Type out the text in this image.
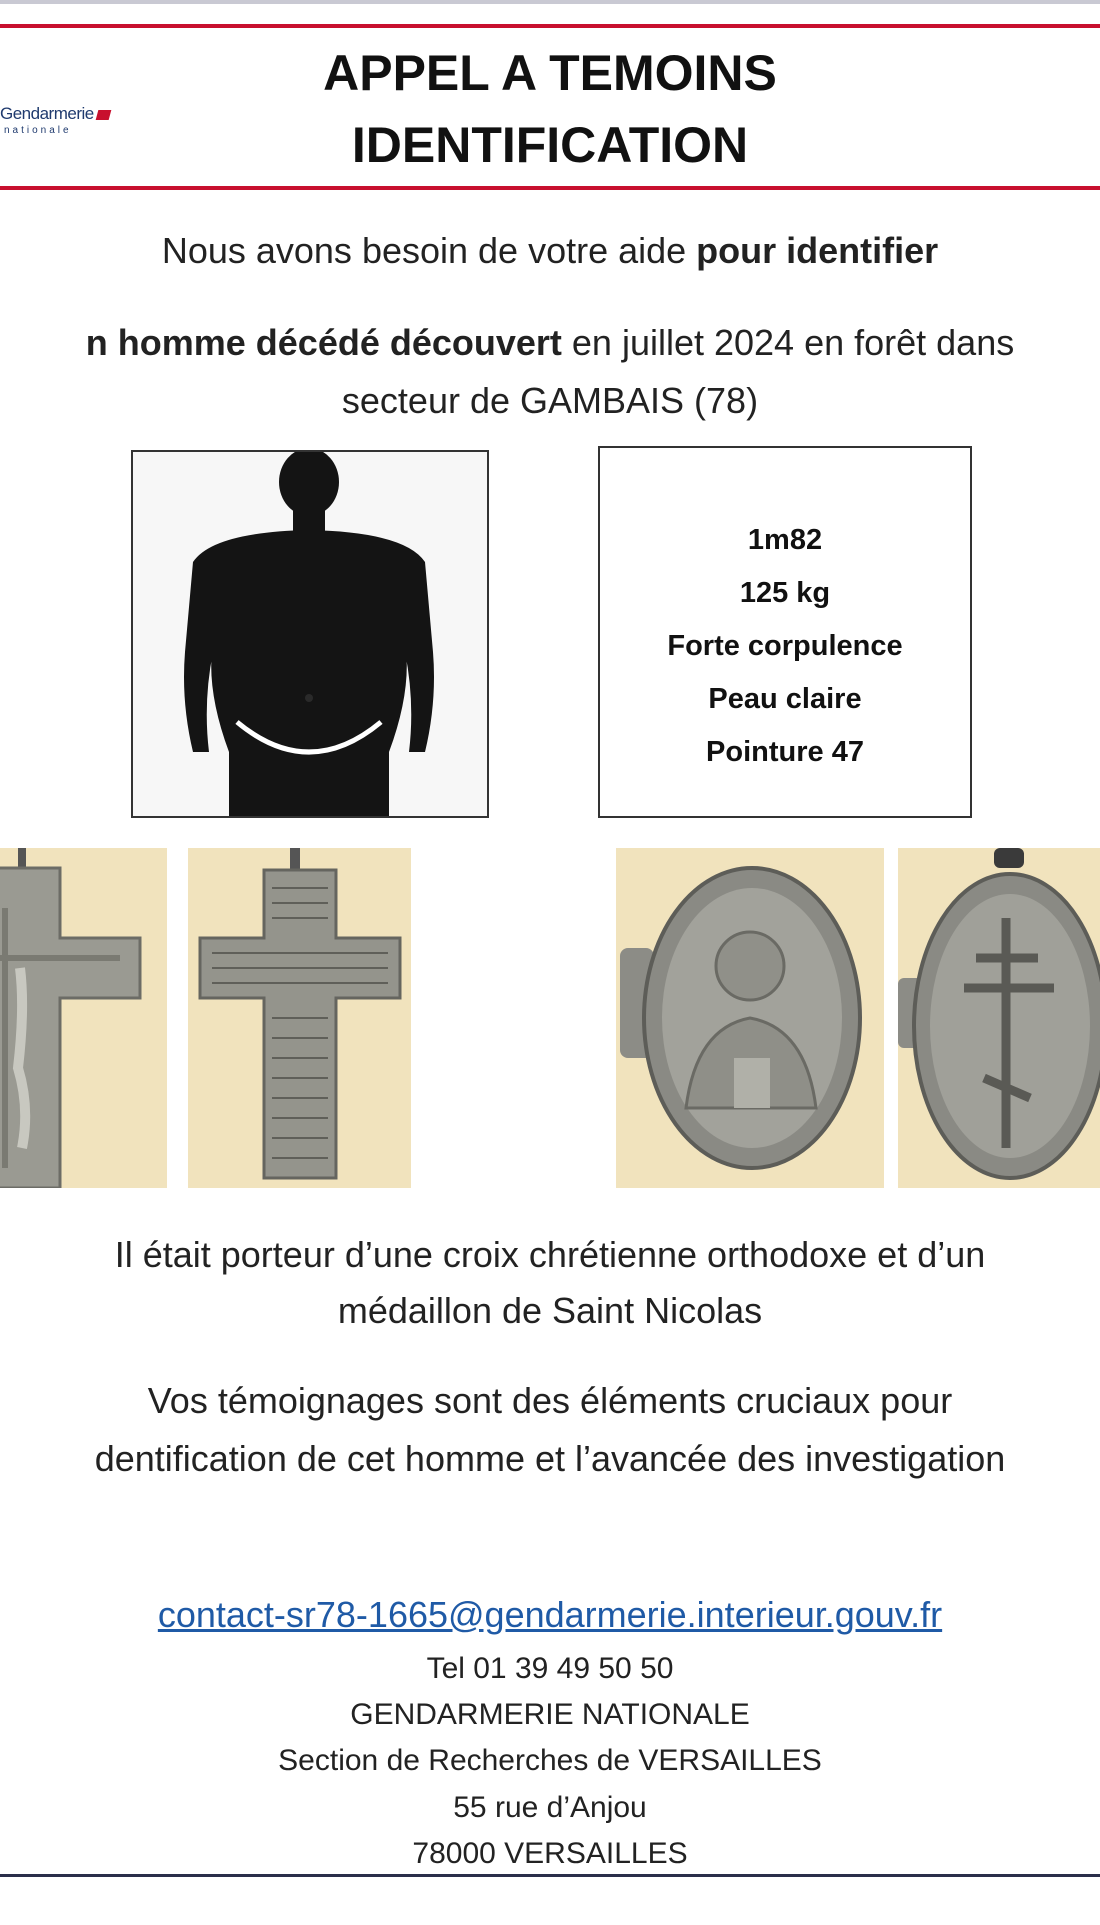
Gendarmerie
nationale
APPEL A TEMOINS
IDENTIFICATION
Nous avons besoin de votre aide pour identifier
n homme décédé découvert en juillet 2024 en forêt dans
secteur de GAMBAIS (78)
1m82
125 kg
Forte corpulence
Peau claire
Pointure 47
Il était porteur d’une croix chrétienne orthodoxe et d’un
médaillon de Saint Nicolas
Vos témoignages sont des éléments cruciaux pour
dentification de cet homme et l’avancée des investigation
contact-sr78-1665@gendarmerie.interieur.gouv.fr
Tel 01 39 49 50 50
GENDARMERIE NATIONALE
Section de Recherches de VERSAILLES
55 rue d’Anjou
78000 VERSAILLES
